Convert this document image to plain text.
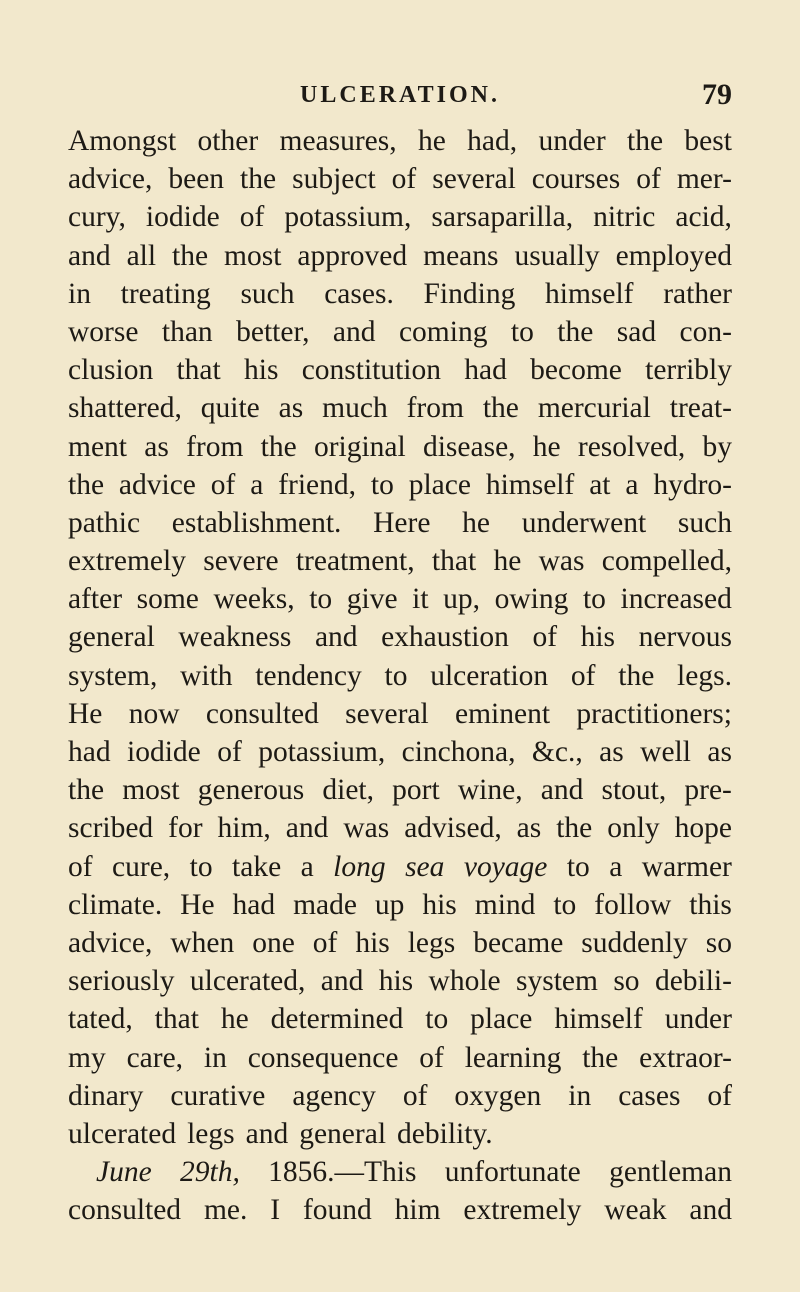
ULCERATION.	79
Amongst other measures, he had, under the best
advice, been the subject of several courses of mer-
cury, iodide of potassium, sarsaparilla, nitric acid,
and all the most approved means usually employed
in treating such cases. Finding himself rather
worse than better, and coming to the sad con-
clusion that his constitution had become terribly
shattered, quite as much from the mercurial treat-
ment as from the original disease, he resolved, by
the advice of a friend, to place himself at a hydro-
pathic establishment. Here he underwent such
extremely severe treatment, that he was compelled,
after some weeks, to give it up, owing to increased
general weakness and exhaustion of his nervous
system, with tendency to ulceration of the legs.
He now consulted several eminent practitioners;
had iodide of potassium, cinchona, &c., as well as
the most generous diet, port wine, and stout, pre-
scribed for him, and was advised, as the only hope
of cure, to take a long sea voyage to a warmer
climate. He had made up his mind to follow this
advice, when one of his legs became suddenly so
seriously ulcerated, and his whole system so debili-
tated, that he determined to place himself under
my care, in consequence of learning the extraor-
dinary curative agency of oxygen in cases of
ulcerated legs and general debility.
June 29th, 1856.—This unfortunate gentleman
consulted me. I found him extremely weak and
